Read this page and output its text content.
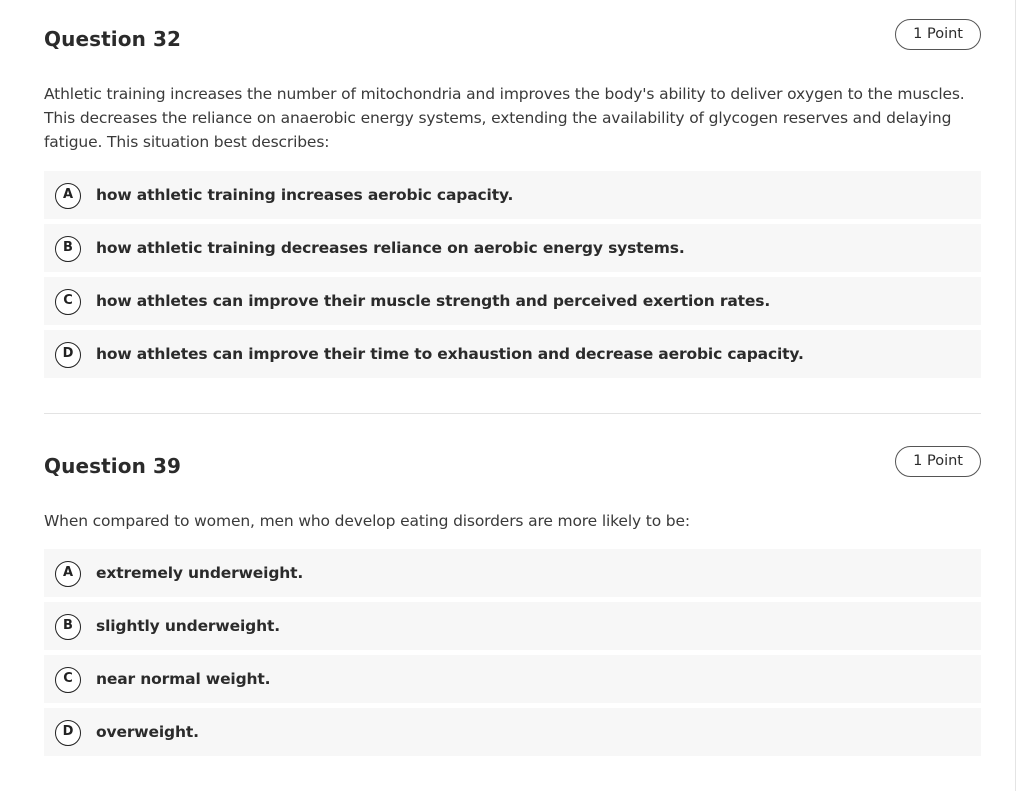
Question 32	1 Point

Athletic training increases the number of mitochondria and improves the body's ability to deliver oxygen to the muscles. This decreases the reliance on anaerobic energy systems, extending the availability of glycogen reserves and delaying fatigue. This situation best describes:

A	how athletic training increases aerobic capacity.
B	how athletic training decreases reliance on aerobic energy systems.
C	how athletes can improve their muscle strength and perceived exertion rates.
D	how athletes can improve their time to exhaustion and decrease aerobic capacity.
Question 39	1 Point

When compared to women, men who develop eating disorders are more likely to be:

A	extremely underweight.
B	slightly underweight.
C	near normal weight.
D	overweight.
